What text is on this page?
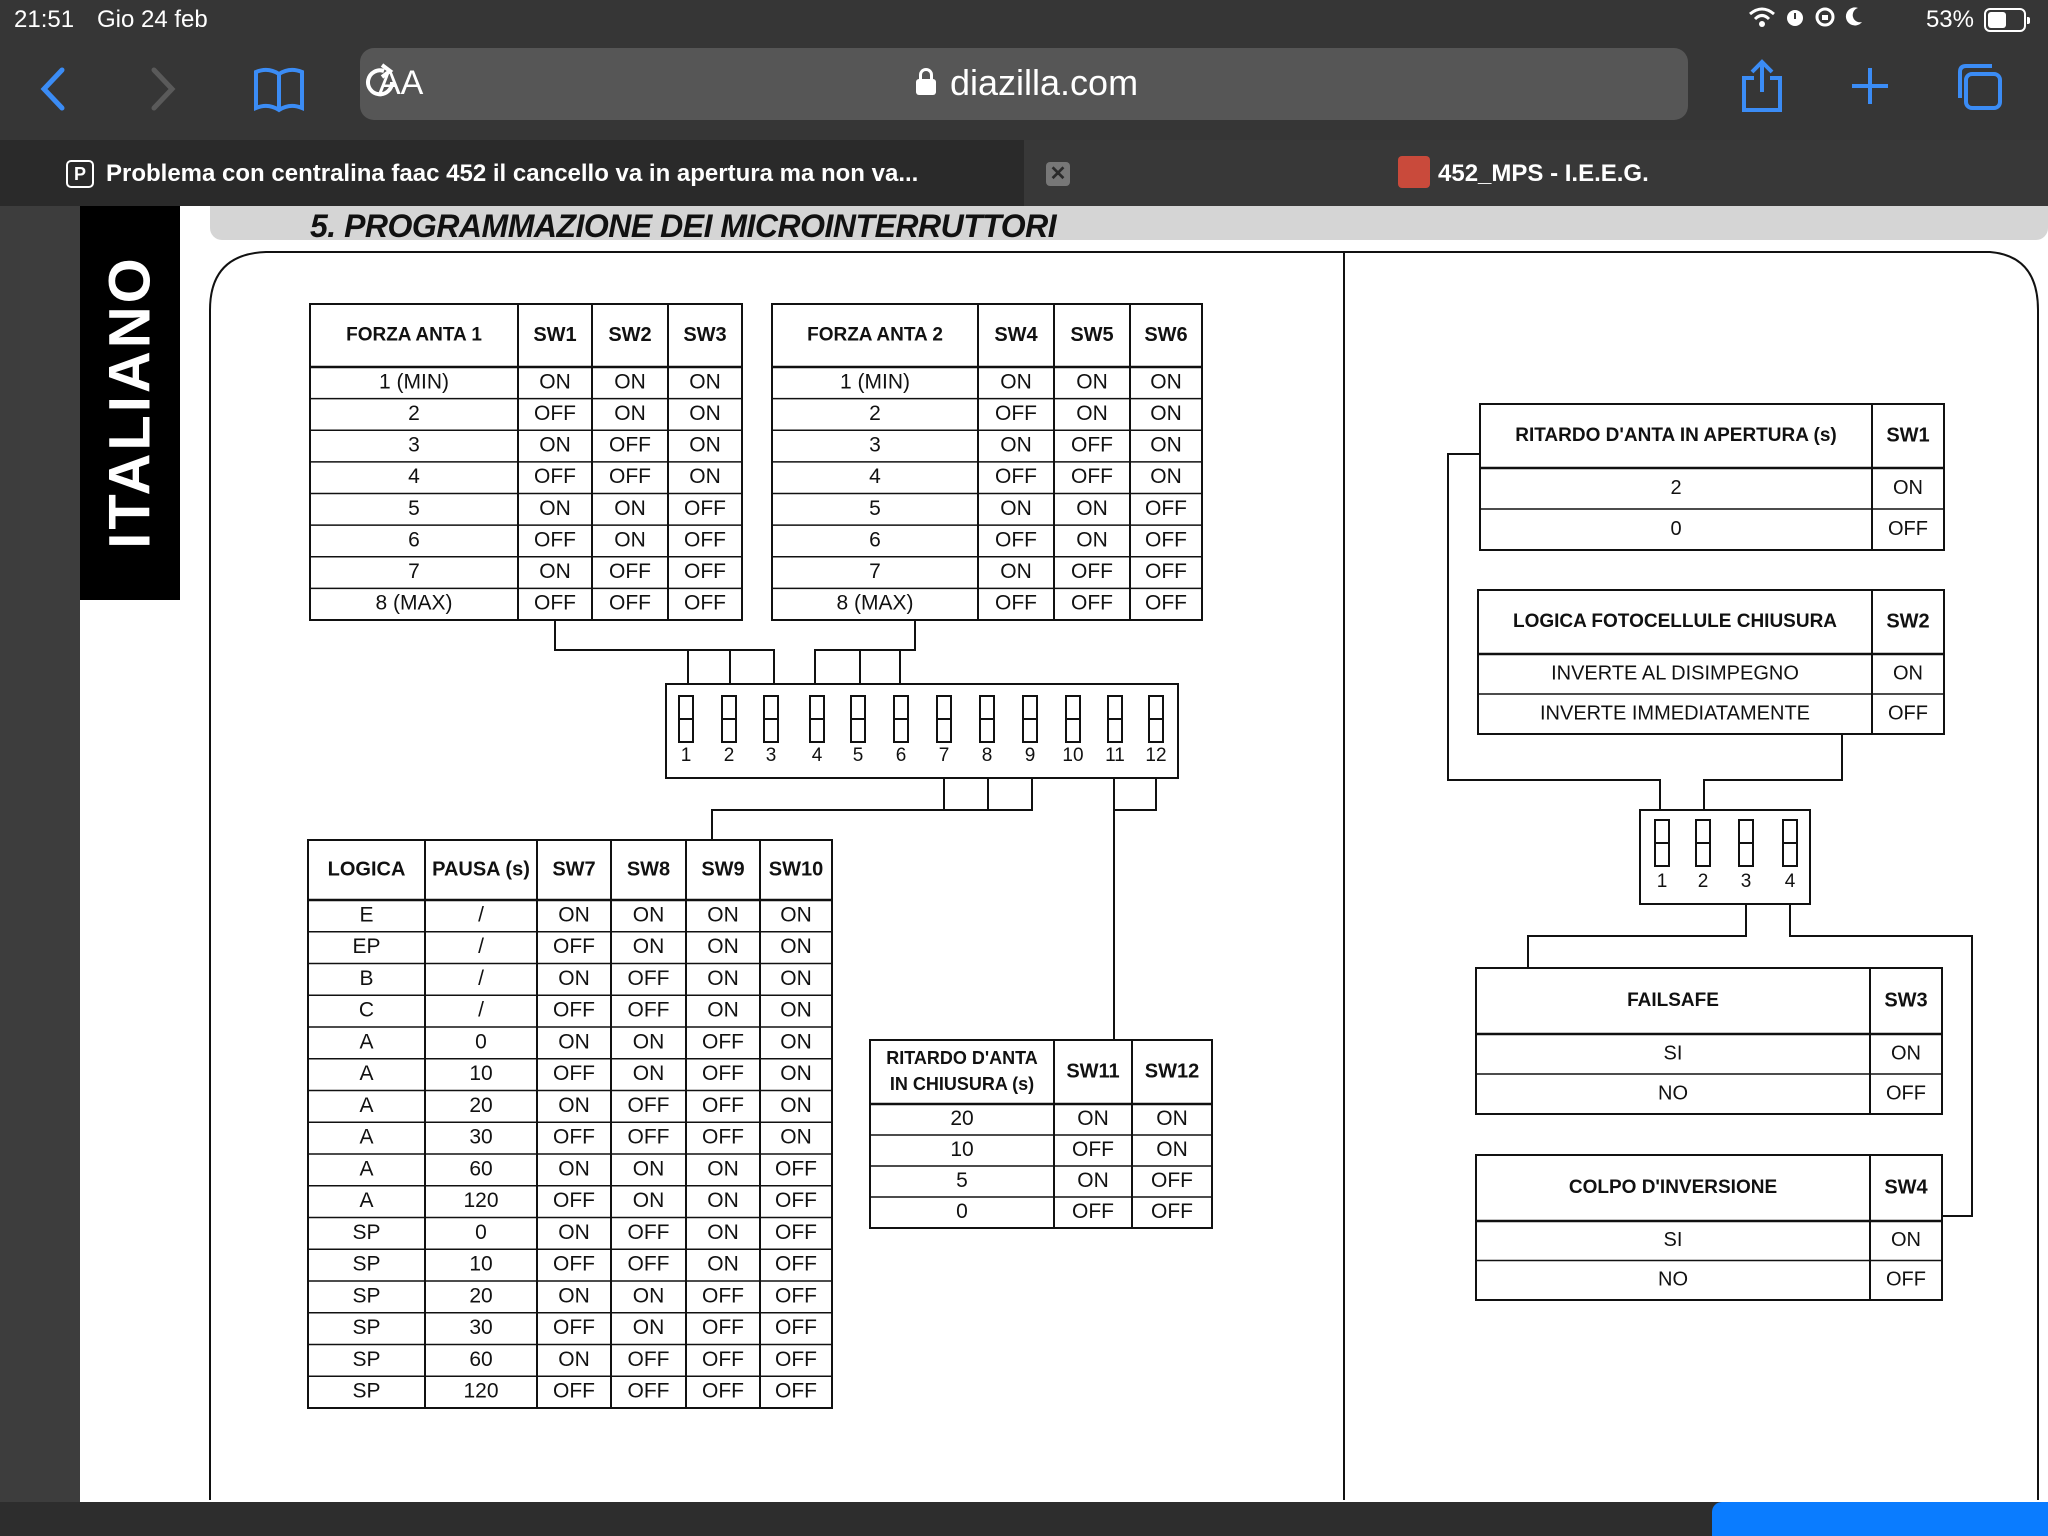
21:51 Gio 24 feb	53%
AA	diazilla.com
P Problema con centralina faac 452 il cancello va in apertura ma non va...	452_MPS - I.E.E.G.
✕
ITALIANO
5. PROGRAMMAZIONE DEI MICROINTERRUTTORI
FORZA ANTA 1	SW1 SW2 SW3
1 (MIN)	ON ON ON
2	OFF ON ON
3	ON OFF ON
4	OFF OFF ON
5	ON ON OFF
6	OFF ON OFF
7	ON OFF OFF
8 (MAX)	OFF OFF OFF
FORZA ANTA 2	SW4 SW5 SW6
1 (MIN)	ON ON ON
2	OFF ON ON
3	ON OFF ON
4	OFF OFF ON
5	ON ON OFF
6	OFF ON OFF
7	ON OFF OFF
8 (MAX)	OFF OFF OFF
LOGICA PAUSA (s) SW7 SW8 SW9 SW10
E	/	ON ON ON ON
EP	/	OFF ON ON ON
B	/	ON OFF ON ON
C	/	OFF OFF ON ON
A	0	ON ON OFF ON
A	10	OFF ON OFF ON
A	20	ON OFF OFF ON
A	30	OFF OFF OFF ON
A	60	ON ON ON OFF
A	120	OFF ON ON OFF
SP	0	ON OFF ON OFF
SP	10	OFF OFF ON OFF
SP	20	ON ON OFF OFF
SP	30	OFF ON OFF OFF
SP	60	ON OFF OFF OFF
SP	120	OFF OFF OFF OFF
RITARDO D'ANTA
IN CHIUSURA (s)
SW11 SW12
20	ON ON
10	OFF ON
5	ON OFF
0	OFF OFF
RITARDO D'ANTA IN APERTURA (s) SW1
2	ON
0	OFF
LOGICA FOTOCELLULE CHIUSURA SW2
INVERTE AL DISIMPEGNO	ON
INVERTE IMMEDIATAMENTE	OFF
FAILSAFE	SW3
SI	ON
NO	OFF
COLPO D'INVERSIONE	SW4
SI	ON
NO	OFF
1 2 3 4 5 6 7 8 9 10 11 12
1 2 3 4
